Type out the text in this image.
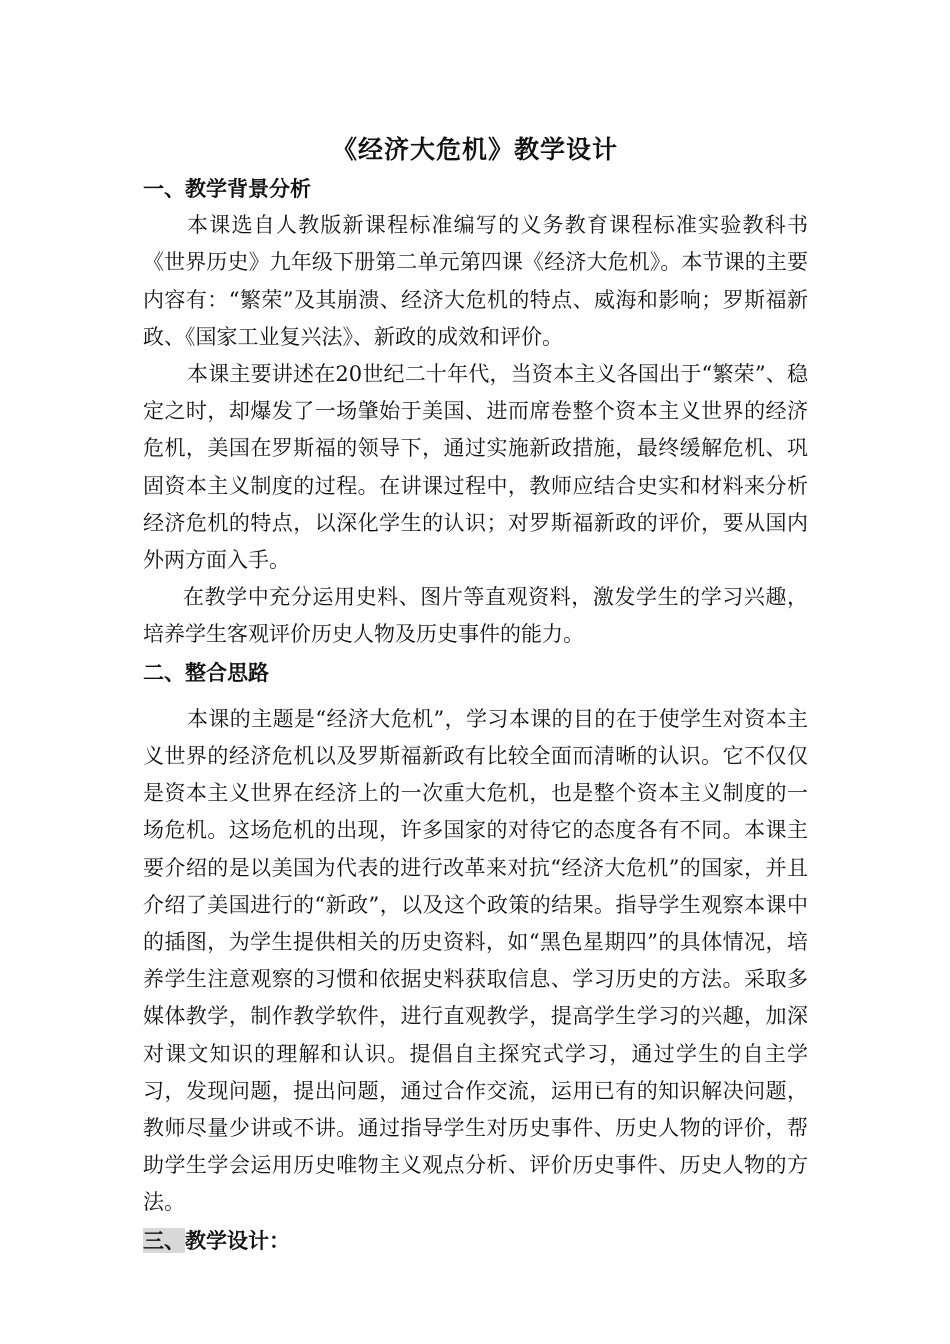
《经济大危机》教学设计

一、教学背景分析

本课选自人教版新课程标准编写的义务教育课程标准实验教科书《世界历史》九年级下册第二单元第四课《经济大危机》。本节课的主要内容有：“繁荣”及其崩溃、经济大危机的特点、威海和影响；罗斯福新政、《国家工业复兴法》、新政的成效和评价。

本课主要讲述在20世纪二十年代，当资本主义各国出于“繁荣”、稳定之时，却爆发了一场肇始于美国、进而席卷整个资本主义世界的经济危机，美国在罗斯福的领导下，通过实施新政措施，最终缓解危机、巩固资本主义制度的过程。在讲课过程中，教师应结合史实和材料来分析经济危机的特点，以深化学生的认识；对罗斯福新政的评价，要从国内外两方面入手。

在教学中充分运用史料、图片等直观资料，激发学生的学习兴趣，培养学生客观评价历史人物及历史事件的能力。

二、整合思路

本课的主题是“经济大危机”，学习本课的目的在于使学生对资本主义世界的经济危机以及罗斯福新政有比较全面而清晰的认识。它不仅仅是资本主义世界在经济上的一次重大危机，也是整个资本主义制度的一场危机。这场危机的出现，许多国家的对待它的态度各有不同。本课主要介绍的是以美国为代表的进行改革来对抗“经济大危机”的国家，并且介绍了美国进行的“新政”，以及这个政策的结果。指导学生观察本课中的插图，为学生提供相关的历史资料，如“黑色星期四”的具体情况，培养学生注意观察的习惯和依据史料获取信息、学习历史的方法。采取多媒体教学，制作教学软件，进行直观教学，提高学生学习的兴趣，加深对课文知识的理解和认识。提倡自主探究式学习，通过学生的自主学习，发现问题，提出问题，通过合作交流，运用已有的知识解决问题，教师尽量少讲或不讲。通过指导学生对历史事件、历史人物的评价，帮助学生学会运用历史唯物主义观点分析、评价历史事件、历史人物的方法。

三、教学设计：
